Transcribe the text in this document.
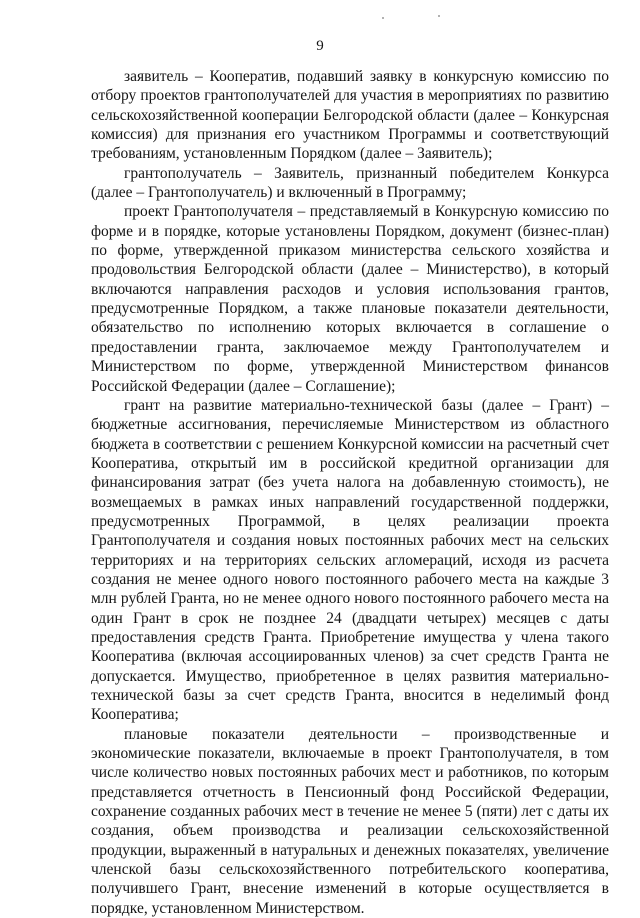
9

заявитель – Кооператив, подавший заявку в конкурсную комиссию по отбору проектов грантополучателей для участия в мероприятиях по развитию сельскохозяйственной кооперации Белгородской области (далее – Конкурсная комиссия) для признания его участником Программы и соответствующий требованиям, установленным Порядком (далее – Заявитель);

грантополучатель – Заявитель, признанный победителем Конкурса (далее – Грантополучатель) и включенный в Программу;

проект Грантополучателя – представляемый в Конкурсную комиссию по форме и в порядке, которые установлены Порядком, документ (бизнес-план) по форме, утвержденной приказом министерства сельского хозяйства и продовольствия Белгородской области (далее – Министерство), в который включаются направления расходов и условия использования грантов, предусмотренные Порядком, а также плановые показатели деятельности, обязательство по исполнению которых включается в соглашение о предоставлении гранта, заключаемое между Грантополучателем и Министерством по форме, утвержденной Министерством финансов Российской Федерации (далее – Соглашение);

грант на развитие материально-технической базы (далее – Грант) – бюджетные ассигнования, перечисляемые Министерством из областного бюджета в соответствии с решением Конкурсной комиссии на расчетный счет Кооператива, открытый им в российской кредитной организации для финансирования затрат (без учета налога на добавленную стоимость), не возмещаемых в рамках иных направлений государственной поддержки, предусмотренных Программой, в целях реализации проекта Грантополучателя и создания новых постоянных рабочих мест на сельских территориях и на территориях сельских агломераций, исходя из расчета создания не менее одного нового постоянного рабочего места на каждые 3 млн рублей Гранта, но не менее одного нового постоянного рабочего места на один Грант в срок не позднее 24 (двадцати четырех) месяцев с даты предоставления средств Гранта. Приобретение имущества у члена такого Кооператива (включая ассоциированных членов) за счет средств Гранта не допускается. Имущество, приобретенное в целях развития материально-технической базы за счет средств Гранта, вносится в неделимый фонд Кооператива;

плановые показатели деятельности – производственные и экономические показатели, включаемые в проект Грантополучателя, в том числе количество новых постоянных рабочих мест и работников, по которым представляется отчетность в Пенсионный фонд Российской Федерации, сохранение созданных рабочих мест в течение не менее 5 (пяти) лет с даты их создания, объем производства и реализации сельскохозяйственной продукции, выраженный в натуральных и денежных показателях, увеличение членской базы сельскохозяйственного потребительского кооператива, получившего Грант, внесение изменений в которые осуществляется в порядке, установленном Министерством.
